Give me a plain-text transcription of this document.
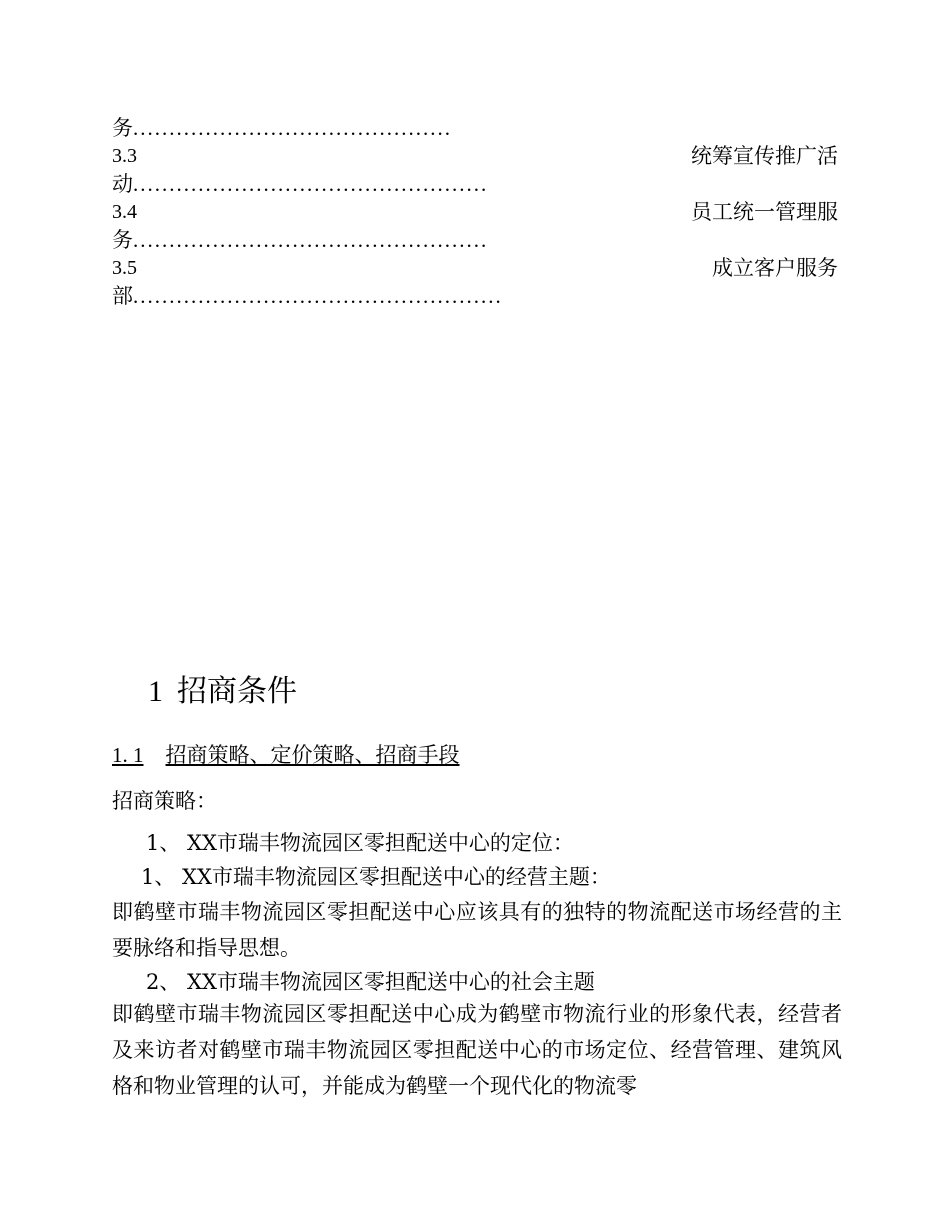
务............................................
3.3	统筹宣传推广活
动.................................................
3.4	员工统一管理服
务.................................................
3.5	成立客户服务
部...................................................
1 招商条件
1. 1 招商策略、定价策略、招商手段
招商策略：
1、 XX市瑞丰物流园区零担配送中心的定位：
1、 XX市瑞丰物流园区零担配送中心的经营主题：
即鹤壁市瑞丰物流园区零担配送中心应该具有的独特的物流配送市场经营的主要脉络和指导思想。
2、 XX市瑞丰物流园区零担配送中心的社会主题
即鹤壁市瑞丰物流园区零担配送中心成为鹤壁市物流行业的形象代表，经营者及来访者对鹤壁市瑞丰物流园区零担配送中心的市场定位、经营管理、建筑风格和物业管理的认可，并能成为鹤壁一个现代化的物流零
